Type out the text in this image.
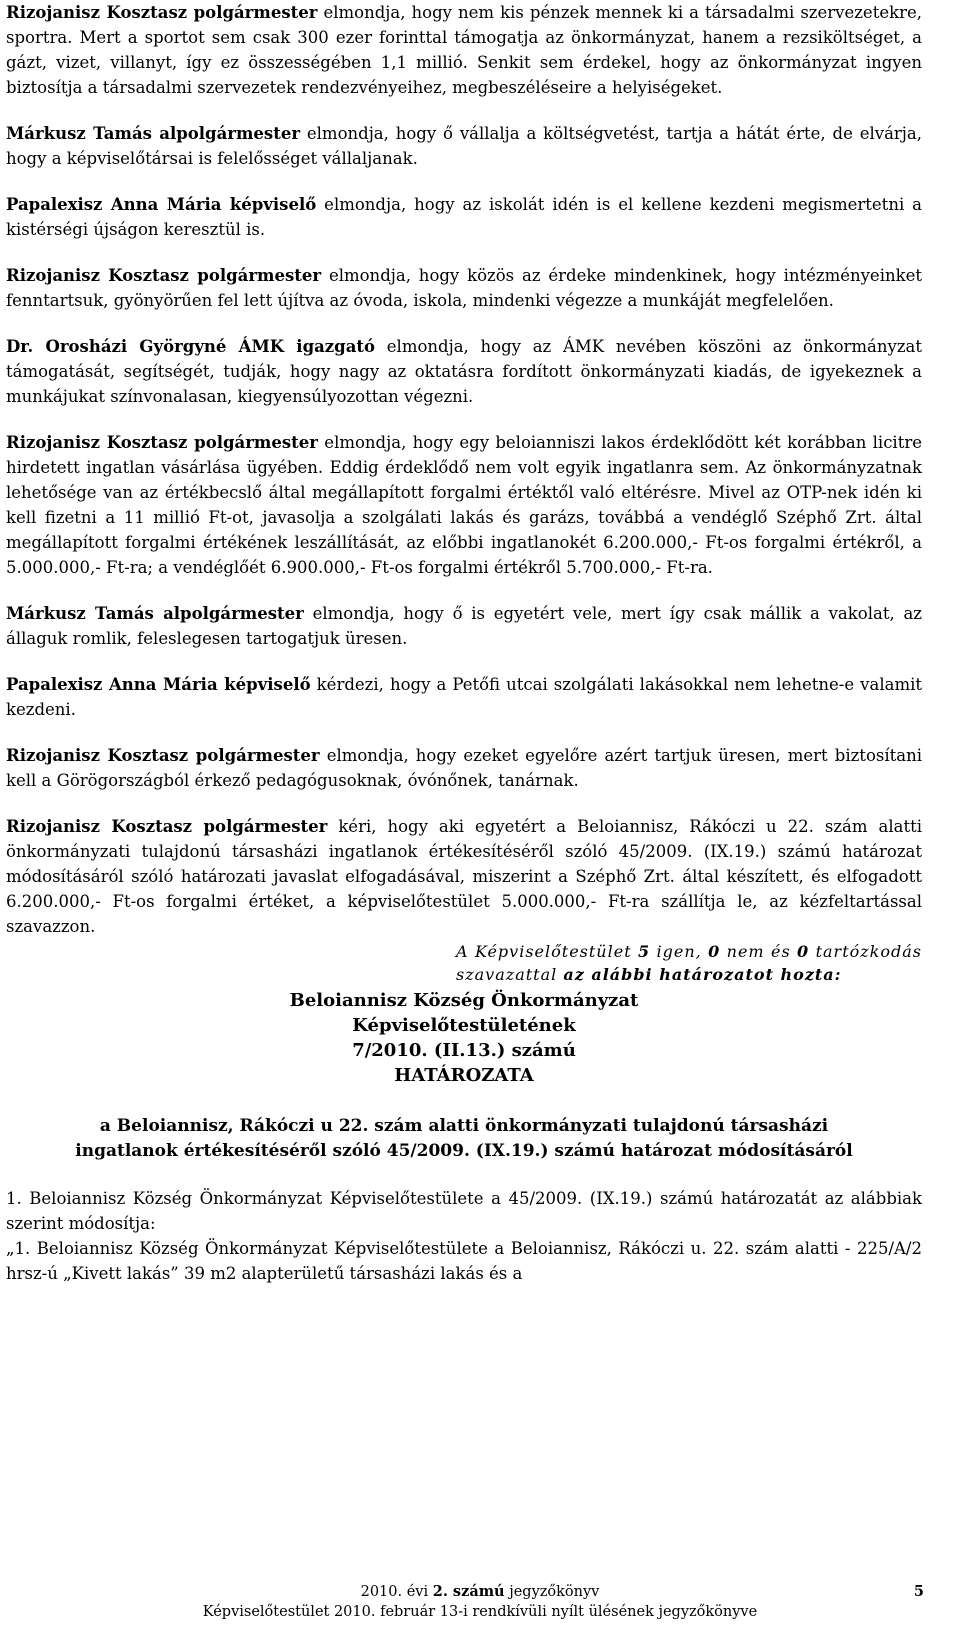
Rizojanisz Kosztasz polgármester elmondja, hogy nem kis pénzek mennek ki a társadalmi szervezetekre, sportra. Mert a sportot sem csak 300 ezer forinttal támogatja az önkormányzat, hanem a rezsiköltséget, a gázt, vizet, villanyt, így ez összességében 1,1 millió. Senkit sem érdekel, hogy az önkormányzat ingyen biztosítja a társadalmi szervezetek rendezvényeihez, megbeszéléseire a helyiségeket.

Márkusz Tamás alpolgármester elmondja, hogy ő vállalja a költségvetést, tartja a hátát érte, de elvárja, hogy a képviselőtársai is felelősséget vállaljanak.

Papalexisz Anna Mária képviselő elmondja, hogy az iskolát idén is el kellene kezdeni megismertetni a kistérségi újságon keresztül is.

Rizojanisz Kosztasz polgármester elmondja, hogy közös az érdeke mindenkinek, hogy intézményeinket fenntartsuk, gyönyörűen fel lett újítva az óvoda, iskola, mindenki végezze a munkáját megfelelően.

Dr. Orosházi Györgyné ÁMK igazgató elmondja, hogy az ÁMK nevében köszöni az önkormányzat támogatását, segítségét, tudják, hogy nagy az oktatásra fordított önkormányzati kiadás, de igyekeznek a munkájukat színvonalasan, kiegyensúlyozottan végezni.

Rizojanisz Kosztasz polgármester elmondja, hogy egy beloianniszi lakos érdeklődött két korábban licitre hirdetett ingatlan vásárlása ügyében. Eddig érdeklődő nem volt egyik ingatlanra sem. Az önkormányzatnak lehetősége van az értékbecslő által megállapított forgalmi értéktől való eltérésre. Mivel az OTP-nek idén ki kell fizetni a 11 millió Ft-ot, javasolja a szolgálati lakás és garázs, továbbá a vendéglő Széphő Zrt. által megállapított forgalmi értékének leszállítását, az előbbi ingatlanokét 6.200.000,- Ft-os forgalmi értékről, a 5.000.000,- Ft-ra; a vendéglőét 6.900.000,- Ft-os forgalmi értékről 5.700.000,- Ft-ra.

Márkusz Tamás alpolgármester elmondja, hogy ő is egyetért vele, mert így csak mállik a vakolat, az állaguk romlik, feleslegesen tartogatjuk üresen.

Papalexisz Anna Mária képviselő kérdezi, hogy a Petőfi utcai szolgálati lakásokkal nem lehetne-e valamit kezdeni.

Rizojanisz Kosztasz polgármester elmondja, hogy ezeket egyelőre azért tartjuk üresen, mert biztosítani kell a Görögországból érkező pedagógusoknak, óvónőnek, tanárnak.

Rizojanisz Kosztasz polgármester kéri, hogy aki egyetért a Beloiannisz, Rákóczi u 22. szám alatti önkormányzati tulajdonú társasházi ingatlanok értékesítéséről szóló 45/2009. (IX.19.) számú határozat módosításáról szóló határozati javaslat elfogadásával, miszerint a Széphő Zrt. által készített, és elfogadott 6.200.000,- Ft-os forgalmi értéket, a képviselőtestület 5.000.000,- Ft-ra szállítja le, az kézfeltartással szavazzon.

A Képviselőtestület 5 igen, 0 nem és 0 tartózkodás szavazattal az alábbi határozatot hozta:
Beloiannisz Község Önkormányzat
Képviselőtestületének
7/2010. (II.13.) számú
HATÁROZATA
a Beloiannisz, Rákóczi u 22. szám alatti önkormányzati tulajdonú társasházi
ingatlanok értékesítéséről szóló 45/2009. (IX.19.) számú határozat módosításáról

1. Beloiannisz Község Önkormányzat Képviselőtestülete a 45/2009. (IX.19.) számú határozatát az alábbiak szerint módosítja:

„1. Beloiannisz Község Önkormányzat Képviselőtestülete a Beloiannisz, Rákóczi u. 22. szám alatti - 225/A/2 hrsz-ú „Kivett lakás” 39 m2 alapterületű társasházi lakás és a

2010. évi 2. számú jegyzőkönyv	5
Képviselőtestület 2010. február 13-i rendkívüli nyílt ülésének jegyzőkönyve
